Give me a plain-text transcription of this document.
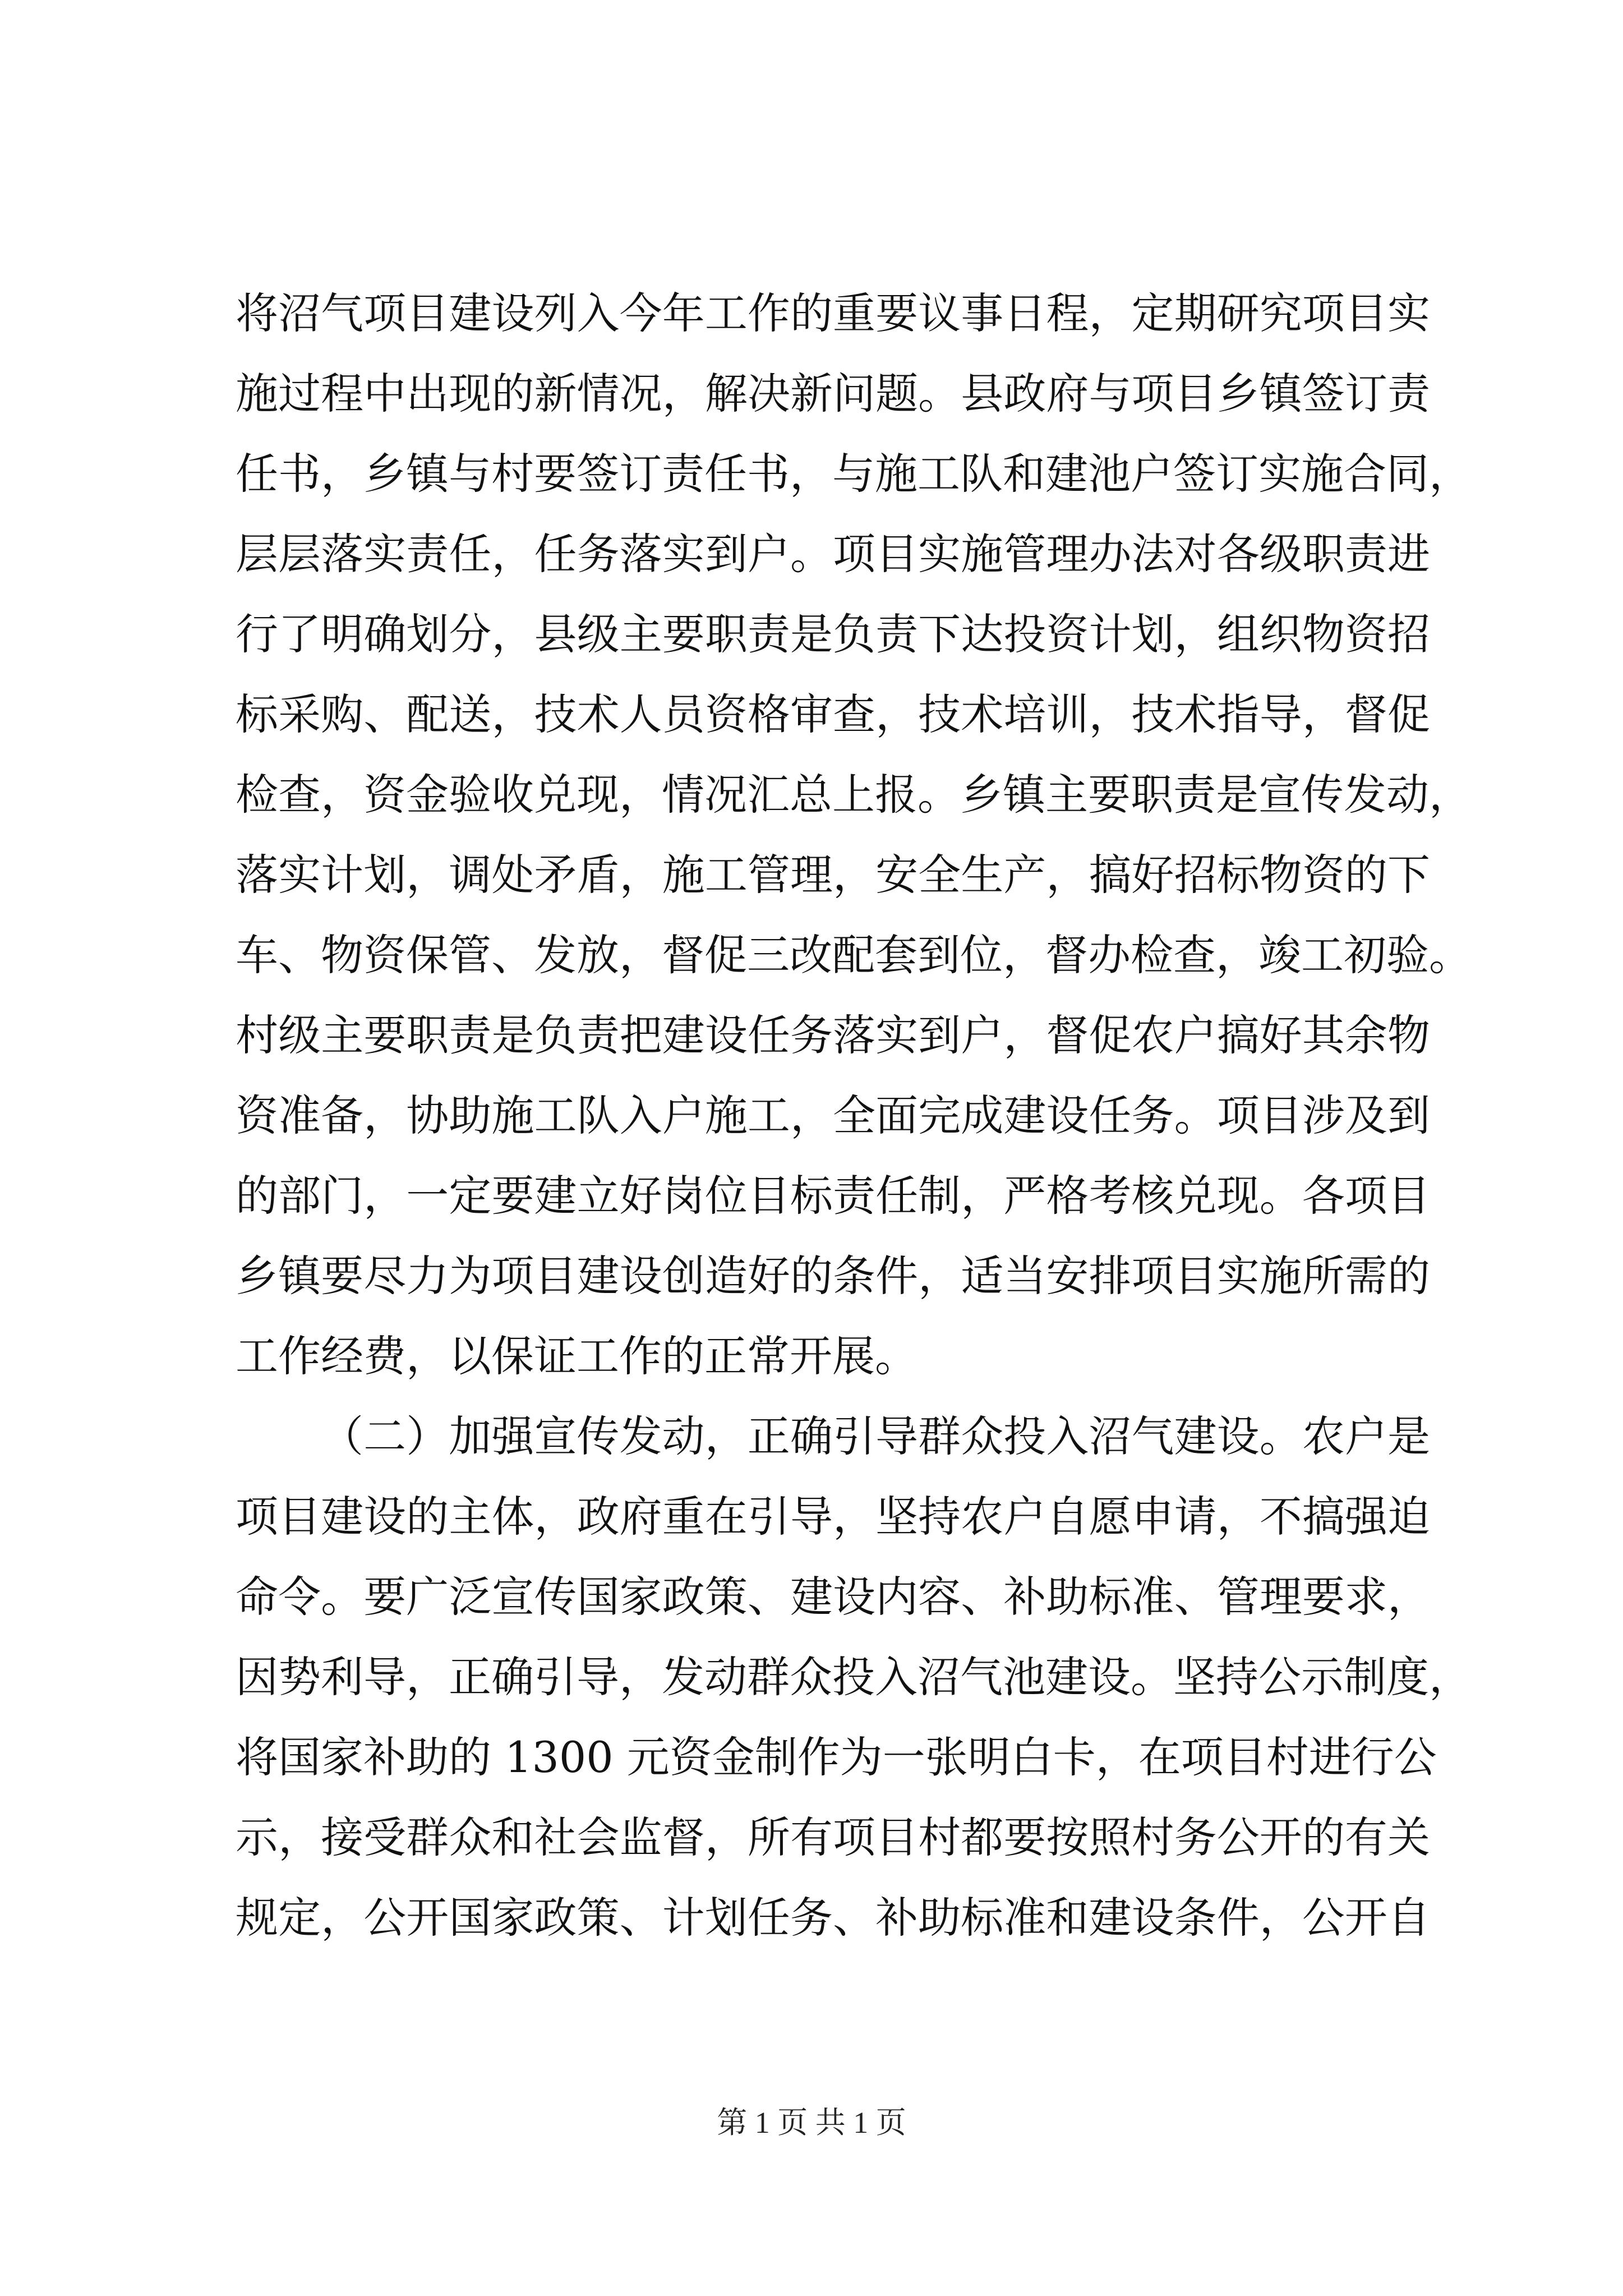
将沼气项目建设列入今年工作的重要议事日程，定期研究项目实
施过程中出现的新情况，解决新问题。县政府与项目乡镇签订责
任书，乡镇与村要签订责任书，与施工队和建池户签订实施合同，
层层落实责任，任务落实到户。项目实施管理办法对各级职责进
行了明确划分，县级主要职责是负责下达投资计划，组织物资招
标采购、配送，技术人员资格审查，技术培训，技术指导，督促
检查，资金验收兑现，情况汇总上报。乡镇主要职责是宣传发动，
落实计划，调处矛盾，施工管理，安全生产，搞好招标物资的下
车、物资保管、发放，督促三改配套到位，督办检查，竣工初验。
村级主要职责是负责把建设任务落实到户，督促农户搞好其余物
资准备，协助施工队入户施工，全面完成建设任务。项目涉及到
的部门，一定要建立好岗位目标责任制，严格考核兑现。各项目
乡镇要尽力为项目建设创造好的条件，适当安排项目实施所需的
工作经费，以保证工作的正常开展。
（二）加强宣传发动，正确引导群众投入沼气建设。农户是
项目建设的主体，政府重在引导，坚持农户自愿申请，不搞强迫
命令。要广泛宣传国家政策、建设内容、补助标准、管理要求，
因势利导，正确引导，发动群众投入沼气池建设。坚持公示制度，
将国家补助的 1300 元资金制作为一张明白卡，在项目村进行公
示，接受群众和社会监督，所有项目村都要按照村务公开的有关
规定，公开国家政策、计划任务、补助标准和建设条件，公开自
第 1 页 共 1 页
